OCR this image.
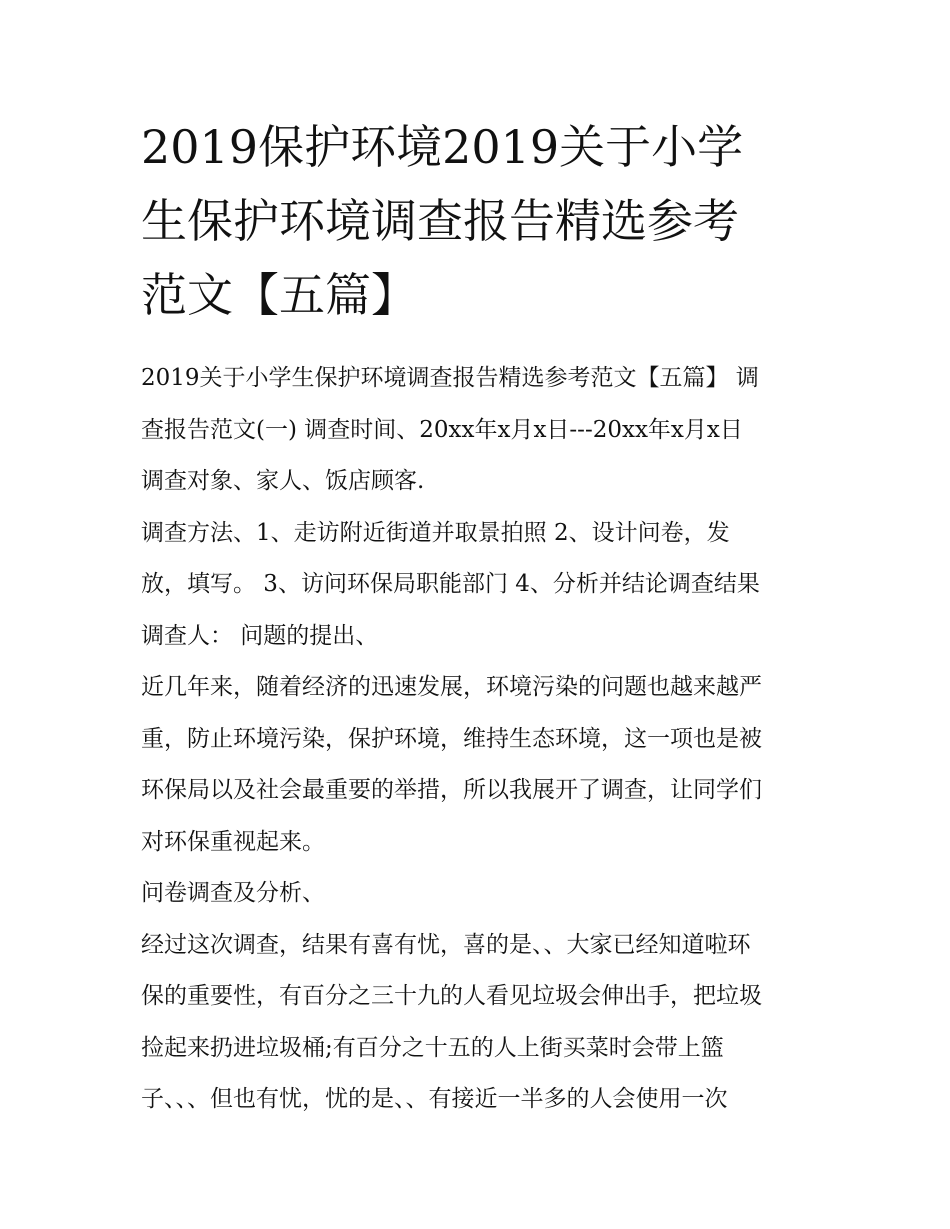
2019保护环境2019关于小学
生保护环境调查报告精选参考
范文【五篇】
2019关于小学生保护环境调查报告精选参考范文【五篇】 调
查报告范文(一) 调查时间、20xx年x月x日---20xx年x月x日
调查对象、家人、饭店顾客.
调查方法、1、走访附近街道并取景拍照 2、设计问卷，发
放，填写。 3、访问环保局职能部门 4、分析并结论调查结果
调查人： 问题的提出、
近几年来，随着经济的迅速发展，环境污染的问题也越来越严
重，防止环境污染，保护环境，维持生态环境，这一项也是被
环保局以及社会最重要的举措，所以我展开了调查，让同学们
对环保重视起来。
问卷调查及分析、
经过这次调查，结果有喜有忧，喜的是、、大家已经知道啦环
保的重要性，有百分之三十九的人看见垃圾会伸出手，把垃圾
捡起来扔进垃圾桶;有百分之十五的人上街买菜时会带上篮
子、、、但也有忧，忧的是、、有接近一半多的人会使用一次
